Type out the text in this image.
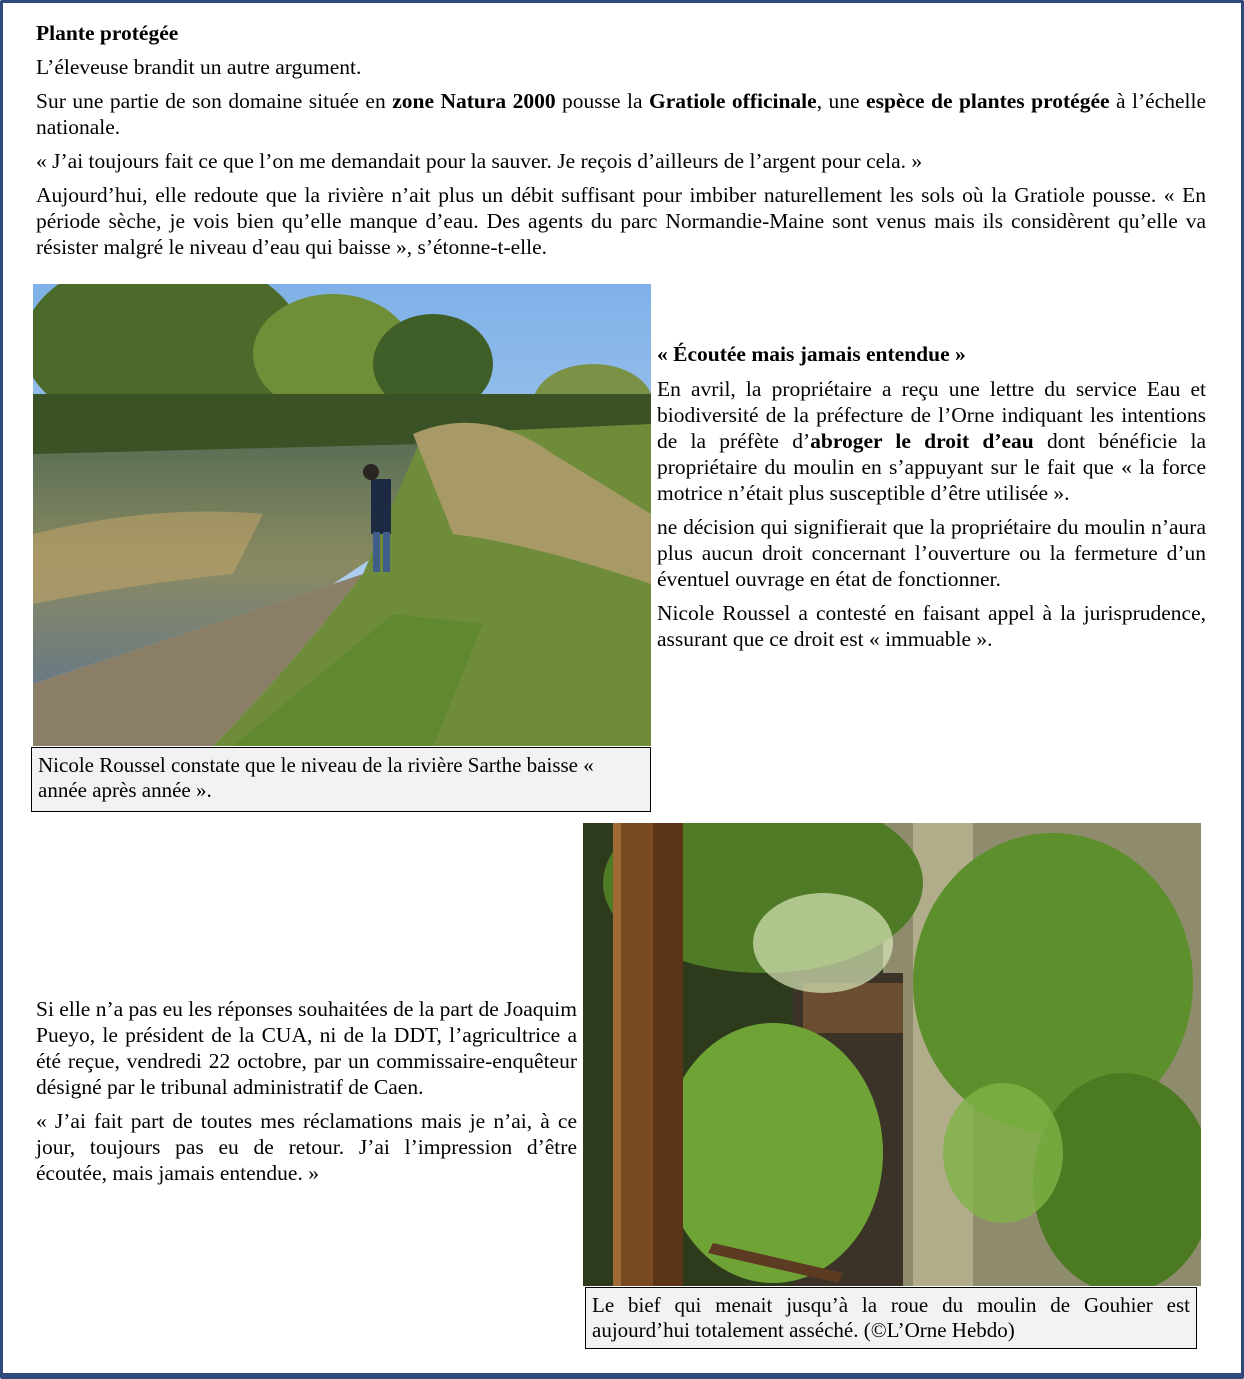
Plante protégée

L’éleveuse brandit un autre argument.

Sur une partie de son domaine située en zone Natura 2000 pousse la Gratiole officinale, une espèce de plantes protégée à l’échelle nationale.

« J’ai toujours fait ce que l’on me demandait pour la sauver. Je reçois d’ailleurs de l’argent pour cela. »

Aujourd’hui, elle redoute que la rivière n’ait plus un débit suffisant pour imbiber naturellement les sols où la Gratiole pousse. « En période sèche, je vois bien qu’elle manque d’eau. Des agents du parc Normandie-Maine sont venus mais ils considèrent qu’elle va résister malgré le niveau d’eau qui baisse », s’étonne-t-elle.

Nicole Roussel constate que le niveau de la rivière Sarthe baisse « année après année ».

« Écoutée mais jamais entendue »

En avril, la propriétaire a reçu une lettre du service Eau et biodiversité de la préfecture de l’Orne indiquant les intentions de la préfète d’abroger le droit d’eau dont bénéficie la propriétaire du moulin en s’appuyant sur le fait que « la force motrice n’était plus susceptible d’être utilisée ».

ne décision qui signifierait que la propriétaire du moulin n’aura plus aucun droit concernant l’ouverture ou la fermeture d’un éventuel ouvrage en état de fonctionner.

Nicole Roussel a contesté en faisant appel à la jurisprudence, assurant que ce droit est « immuable ».

Si elle n’a pas eu les réponses souhaitées de la part de Joaquim Pueyo, le président de la CUA, ni de la DDT, l’agricultrice a été reçue, vendredi 22 octobre, par un commissaire-enquêteur désigné par le tribunal administratif de Caen.

« J’ai fait part de toutes mes réclamations mais je n’ai, à ce jour, toujours pas eu de retour. J’ai l’impression d’être écoutée, mais jamais entendue. »

Le bief qui menait jusqu’à la roue du moulin de Gouhier est aujourd’hui totalement asséché. (©L’Orne Hebdo)
